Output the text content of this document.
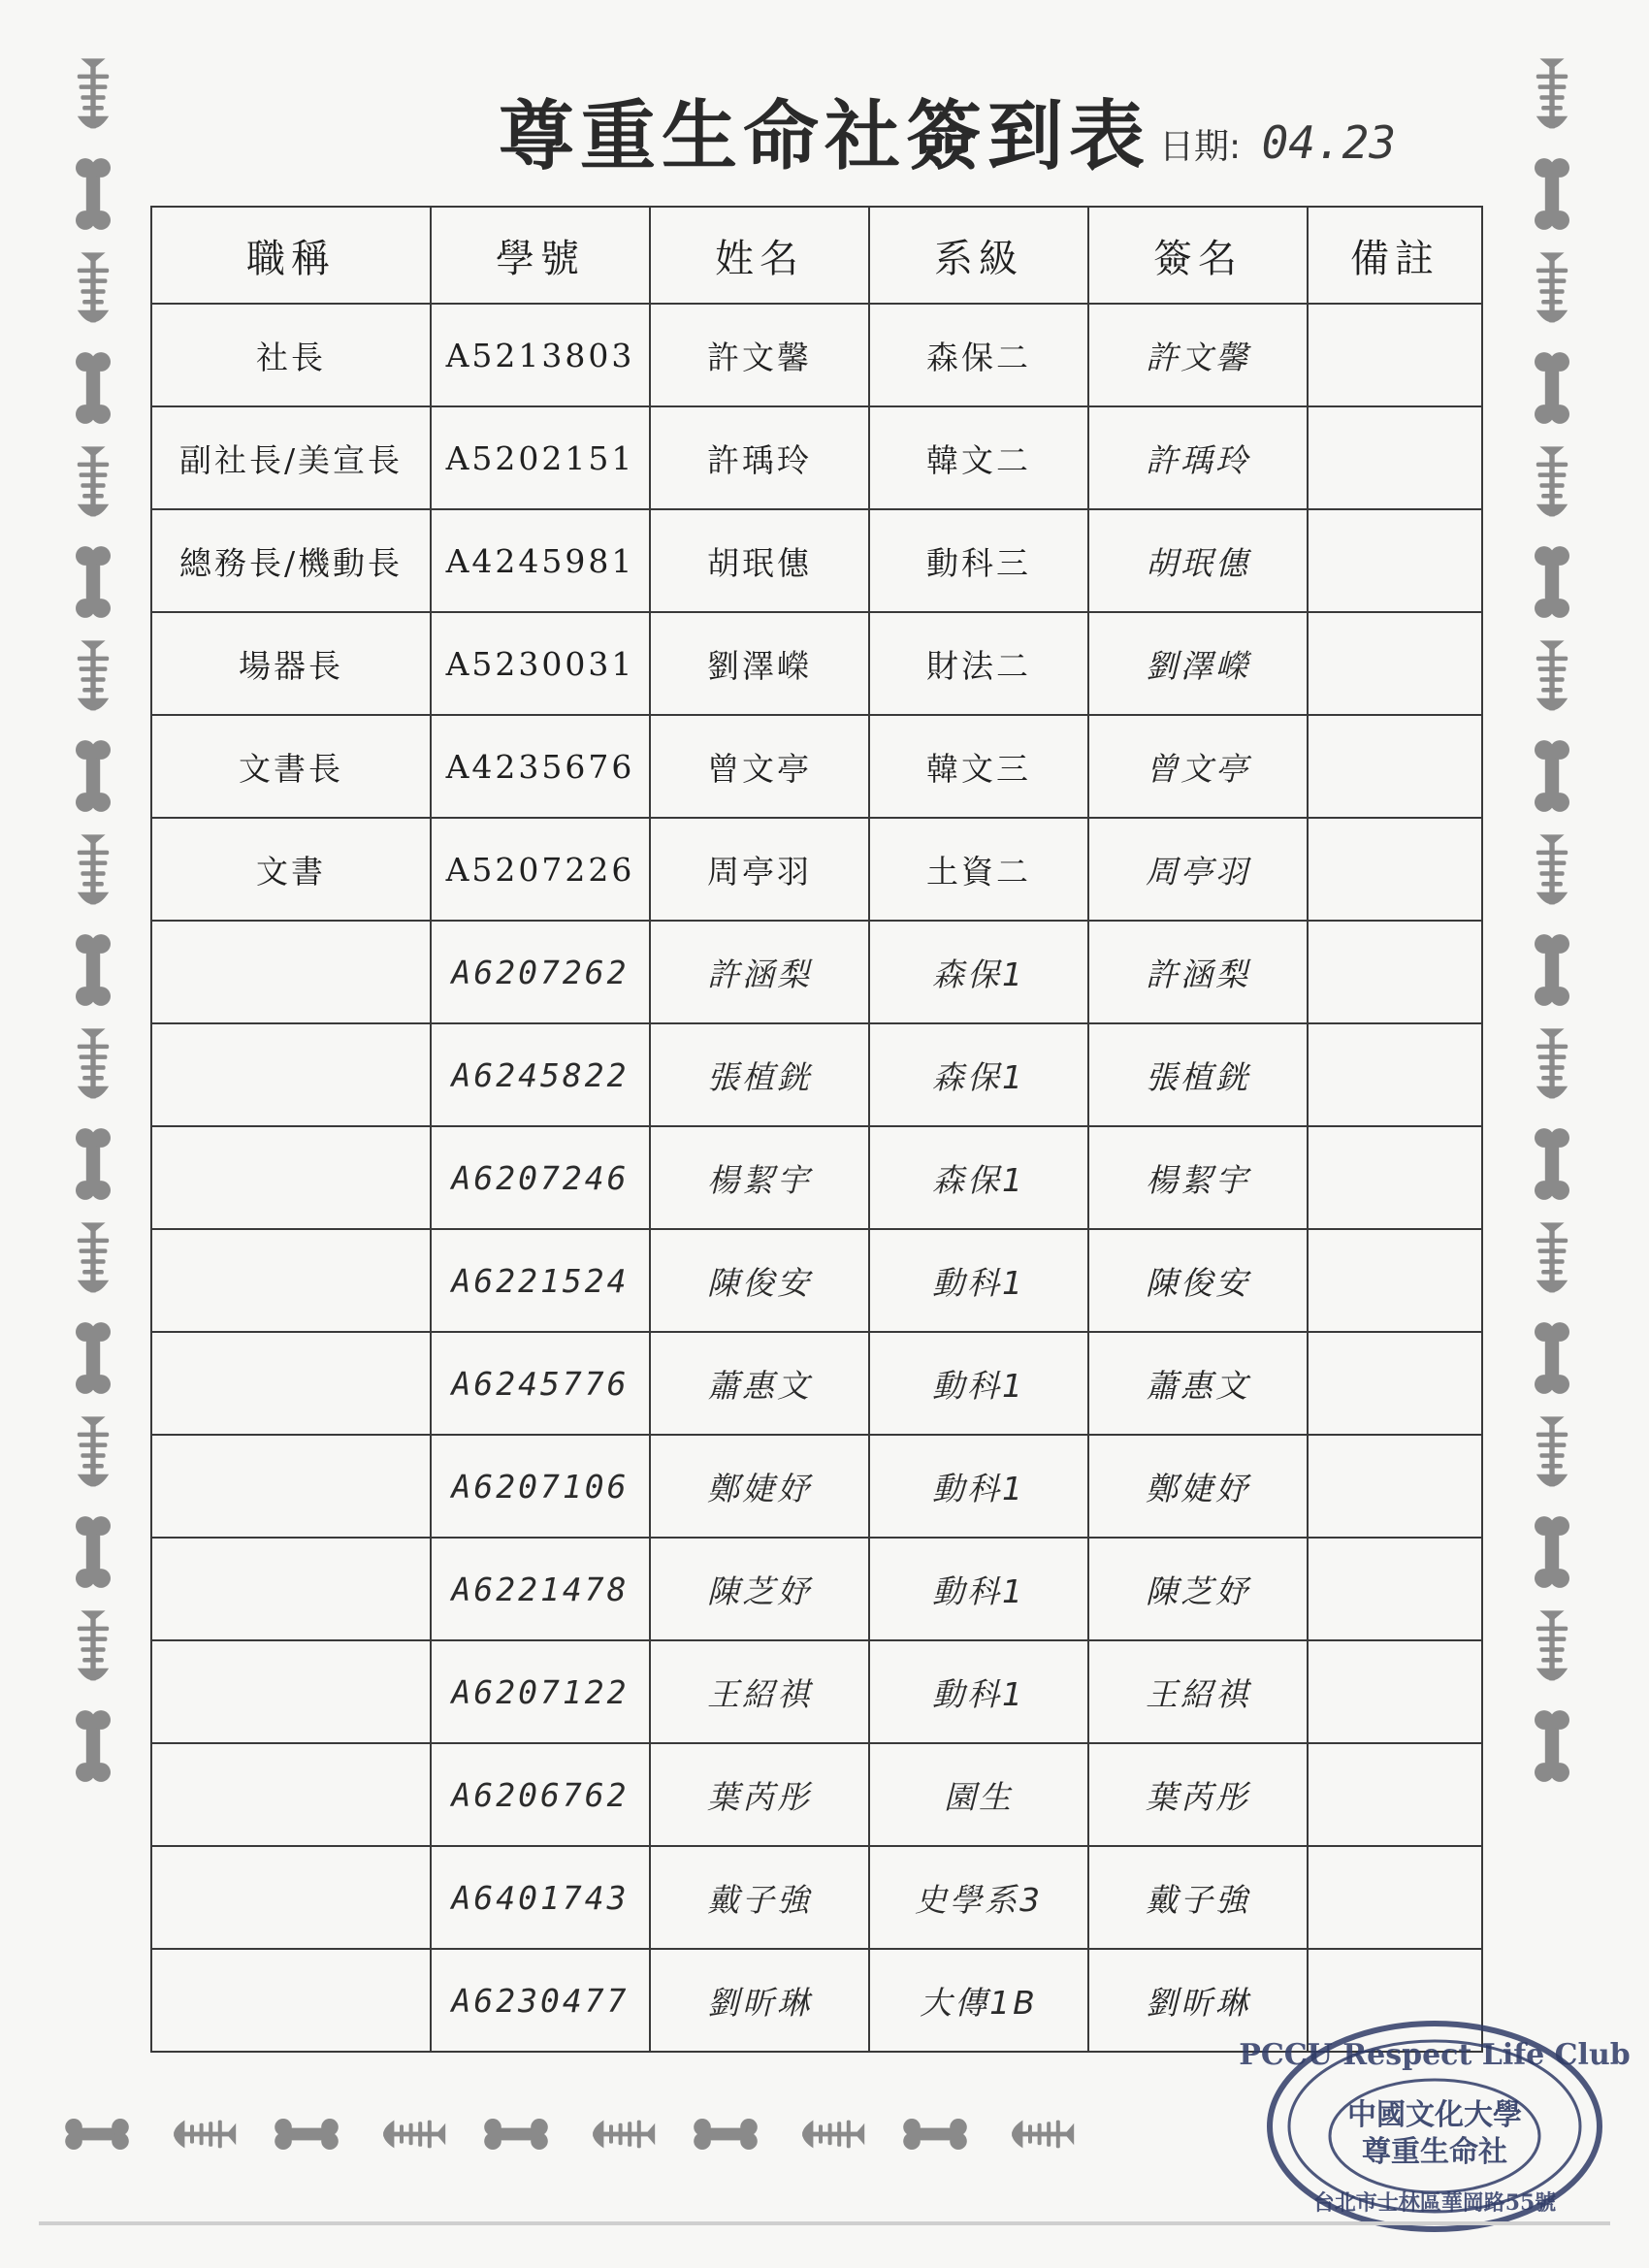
尊重生命社簽到表 日期: 04.23
職稱	學號	姓名	系級	簽名	備註
社長	A5213803	許文馨	森保二	許文馨	
副社長/美宣長	A5202151	許瑀玲	韓文二	許瑀玲	
總務長/機動長	A4245981	胡珉僡	動科三	胡珉僡	
場器長	A5230031	劉澤嶸	財法二	劉澤嶸	
文書長	A4235676	曾文亭	韓文三	曾文亭	
文書	A5207226	周亭羽	土資二	周亭羽	
	A6207262	許涵梨	森保1	許涵梨	
	A6245822	張植銧	森保1	張植銧	
	A6207246	楊絜宇	森保1	楊絜宇	
	A6221524	陳俊安	動科1	陳俊安	
	A6245776	蕭惠文	動科1	蕭惠文	
	A6207106	鄭婕妤	動科1	鄭婕妤	
	A6221478	陳芝妤	動科1	陳芝妤	
	A6207122	王紹祺	動科1	王紹祺	
	A6206762	葉芮彤	園生	葉芮彤	
	A6401743	戴子強	史學系3	戴子強	
	A6230477	劉昕琳	大傳1B	劉昕琳	
PCCU Respect Life Club
中國文化大學
尊重生命社
台北市士林區華岡路55號
